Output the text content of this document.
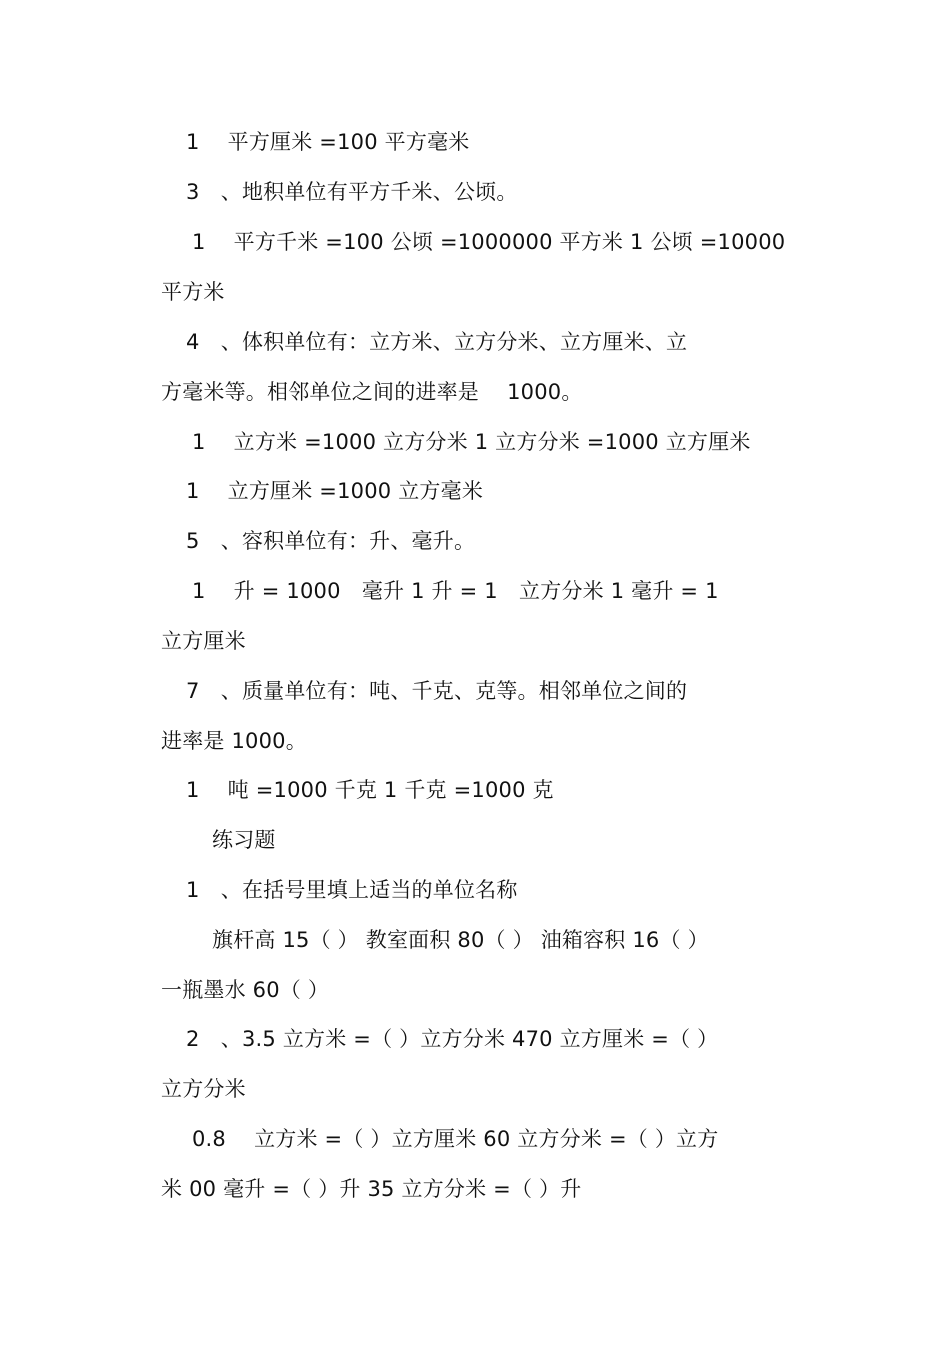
1　 平方厘米 =100 平方毫米
3　、地积单位有平方千米、公顷。
1　 平方千米 =100 公顷 =1000000 平方米 1 公顷 =10000
平方米
4　、体积单位有：立方米、立方分米、立方厘米、立
方毫米等。相邻单位之间的进率是　 1000。
1　 立方米 =1000 立方分米 1 立方分米 =1000 立方厘米
1　 立方厘米 =1000 立方毫米
5　、容积单位有：升、毫升。
1　 升 = 1000　毫升 1 升 = 1　立方分米 1 毫升 = 1
立方厘米
7　、质量单位有：吨、千克、克等。相邻单位之间的
进率是 1000。
1　 吨 =1000 千克 1 千克 =1000 克
练习题
1　、在括号里填上适当的单位名称
旗杆高 15（ ） 教室面积 80（ ） 油箱容积 16（ ）
一瓶墨水 60（ ）
2　、3.5 立方米 =（ ）立方分米 470 立方厘米 =（ ）
立方分米
0.8　 立方米 =（ ）立方厘米 60 立方分米 =（ ）立方
米 00 毫升 =（ ）升 35 立方分米 =（ ）升
